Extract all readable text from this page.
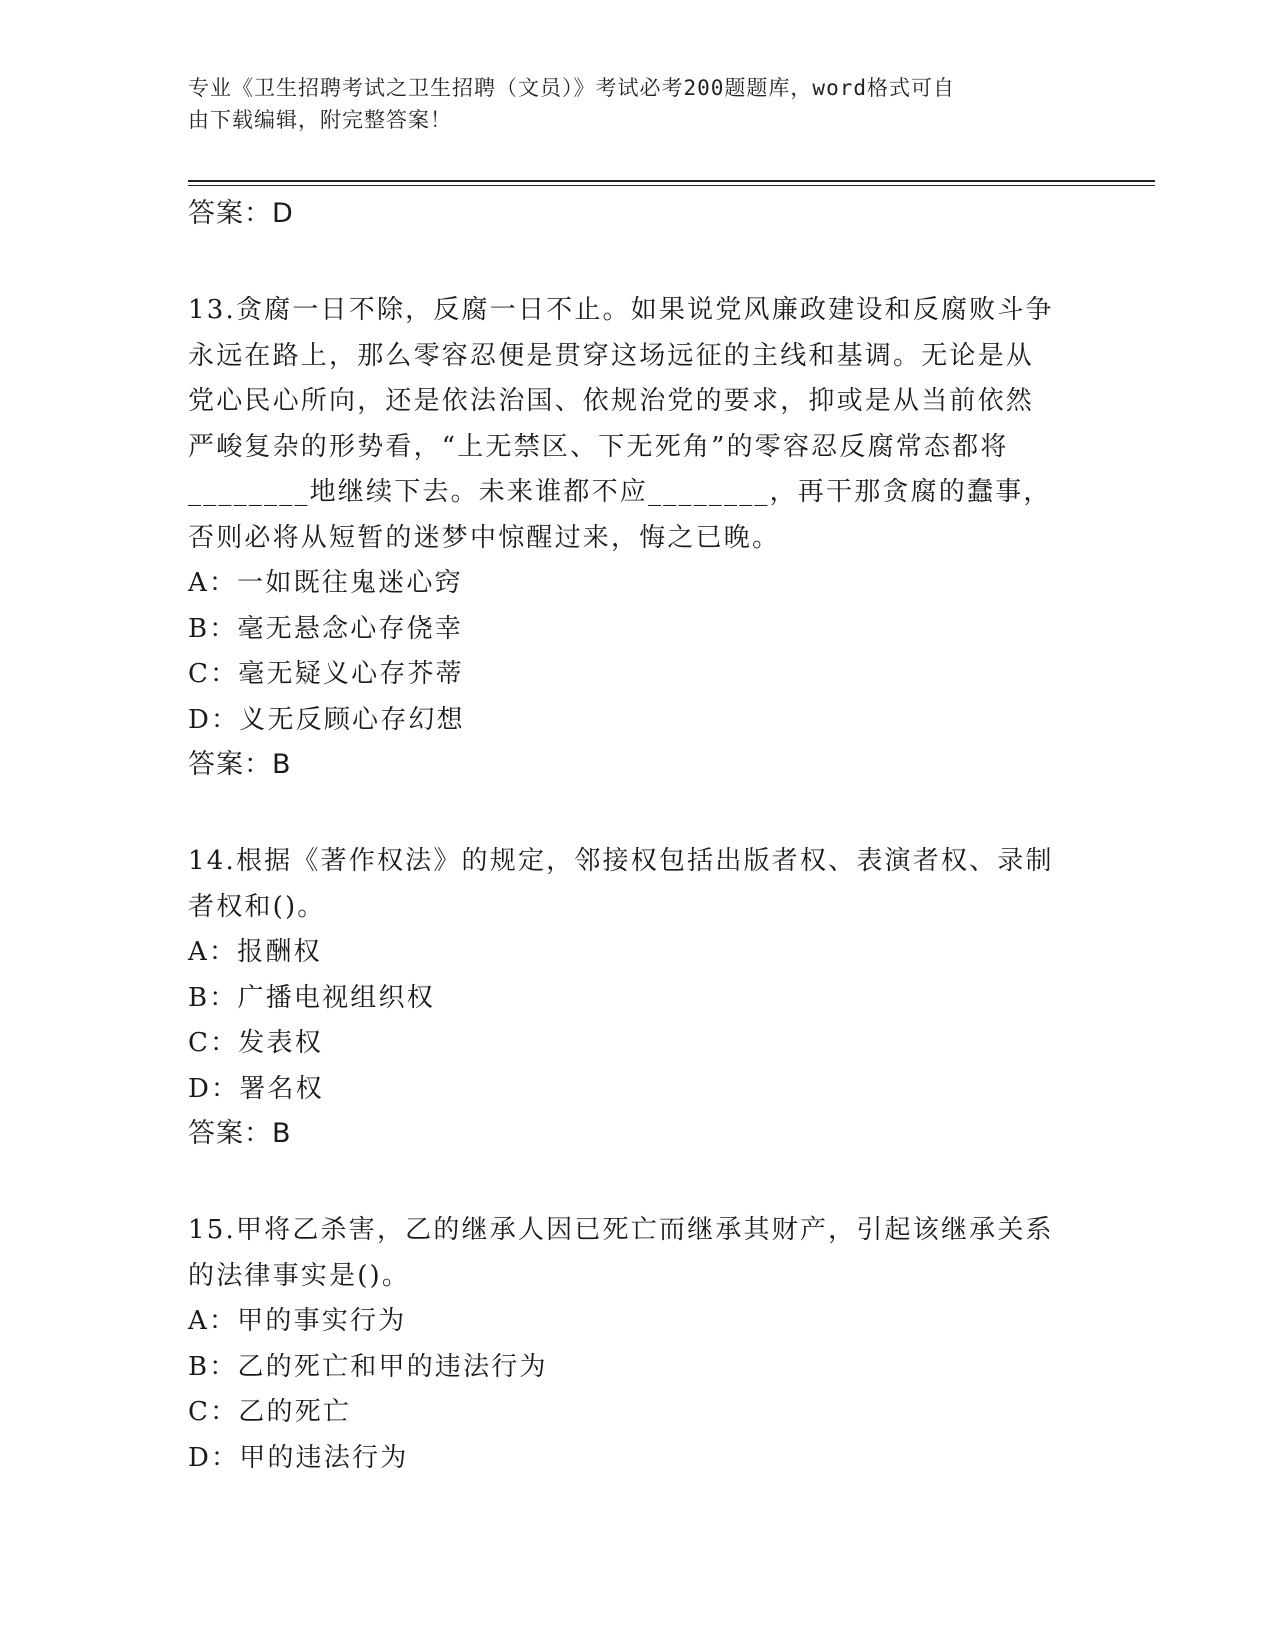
专业《卫生招聘考试之卫生招聘（文员）》考试必考200题题库，word格式可自
由下载编辑，附完整答案！
答案：D

13.贪腐一日不除，反腐一日不止。如果说党风廉政建设和反腐败斗争

永远在路上，那么零容忍便是贯穿这场远征的主线和基调。无论是从

党心民心所向，还是依法治国、依规治党的要求，抑或是从当前依然

严峻复杂的形势看，“上无禁区、下无死角”的零容忍反腐常态都将

________地继续下去。未来谁都不应________，再干那贪腐的蠢事，

否则必将从短暂的迷梦中惊醒过来，悔之已晚。

A：一如既往鬼迷心窍

B：毫无悬念心存侥幸

C：毫无疑义心存芥蒂

D：义无反顾心存幻想

答案：B

14.根据《著作权法》的规定，邻接权包括出版者权、表演者权、录制

者权和()。

A：报酬权

B：广播电视组织权

C：发表权

D：署名权

答案：B

15.甲将乙杀害，乙的继承人因已死亡而继承其财产，引起该继承关系

的法律事实是()。

A：甲的事实行为

B：乙的死亡和甲的违法行为

C：乙的死亡

D：甲的违法行为
